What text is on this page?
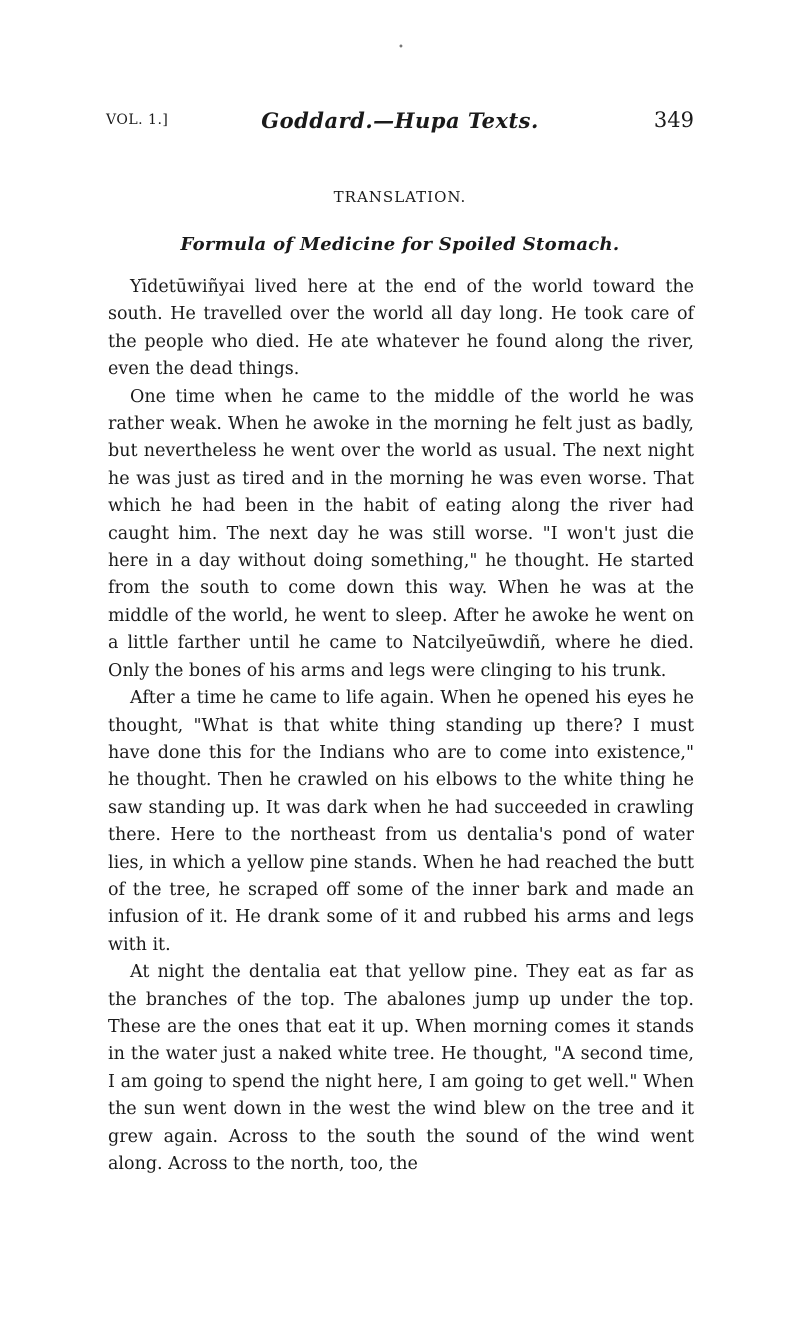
•
VOL. 1.]	Goddard.—Hupa Texts.	349
TRANSLATION.
Formula of Medicine for Spoiled Stomach.

Yīdetūwiñyai lived here at the end of the world toward the south. He travelled over the world all day long. He took care of the people who died. He ate whatever he found along the river, even the dead things.

One time when he came to the middle of the world he was rather weak. When he awoke in the morning he felt just as badly, but nevertheless he went over the world as usual. The next night he was just as tired and in the morning he was even worse. That which he had been in the habit of eating along the river had caught him. The next day he was still worse. "I won't just die here in a day without doing something," he thought. He started from the south to come down this way. When he was at the middle of the world, he went to sleep. After he awoke he went on a little farther until he came to Natcilyeūwdiñ, where he died. Only the bones of his arms and legs were clinging to his trunk.

After a time he came to life again. When he opened his eyes he thought, "What is that white thing standing up there? I must have done this for the Indians who are to come into existence," he thought. Then he crawled on his elbows to the white thing he saw standing up. It was dark when he had succeeded in crawling there. Here to the northeast from us dentalia's pond of water lies, in which a yellow pine stands. When he had reached the butt of the tree, he scraped off some of the inner bark and made an infusion of it. He drank some of it and rubbed his arms and legs with it.

At night the dentalia eat that yellow pine. They eat as far as the branches of the top. The abalones jump up under the top. These are the ones that eat it up. When morning comes it stands in the water just a naked white tree. He thought, "A second time, I am going to spend the night here, I am going to get well." When the sun went down in the west the wind blew on the tree and it grew again. Across to the south the sound of the wind went along. Across to the north, too, the
